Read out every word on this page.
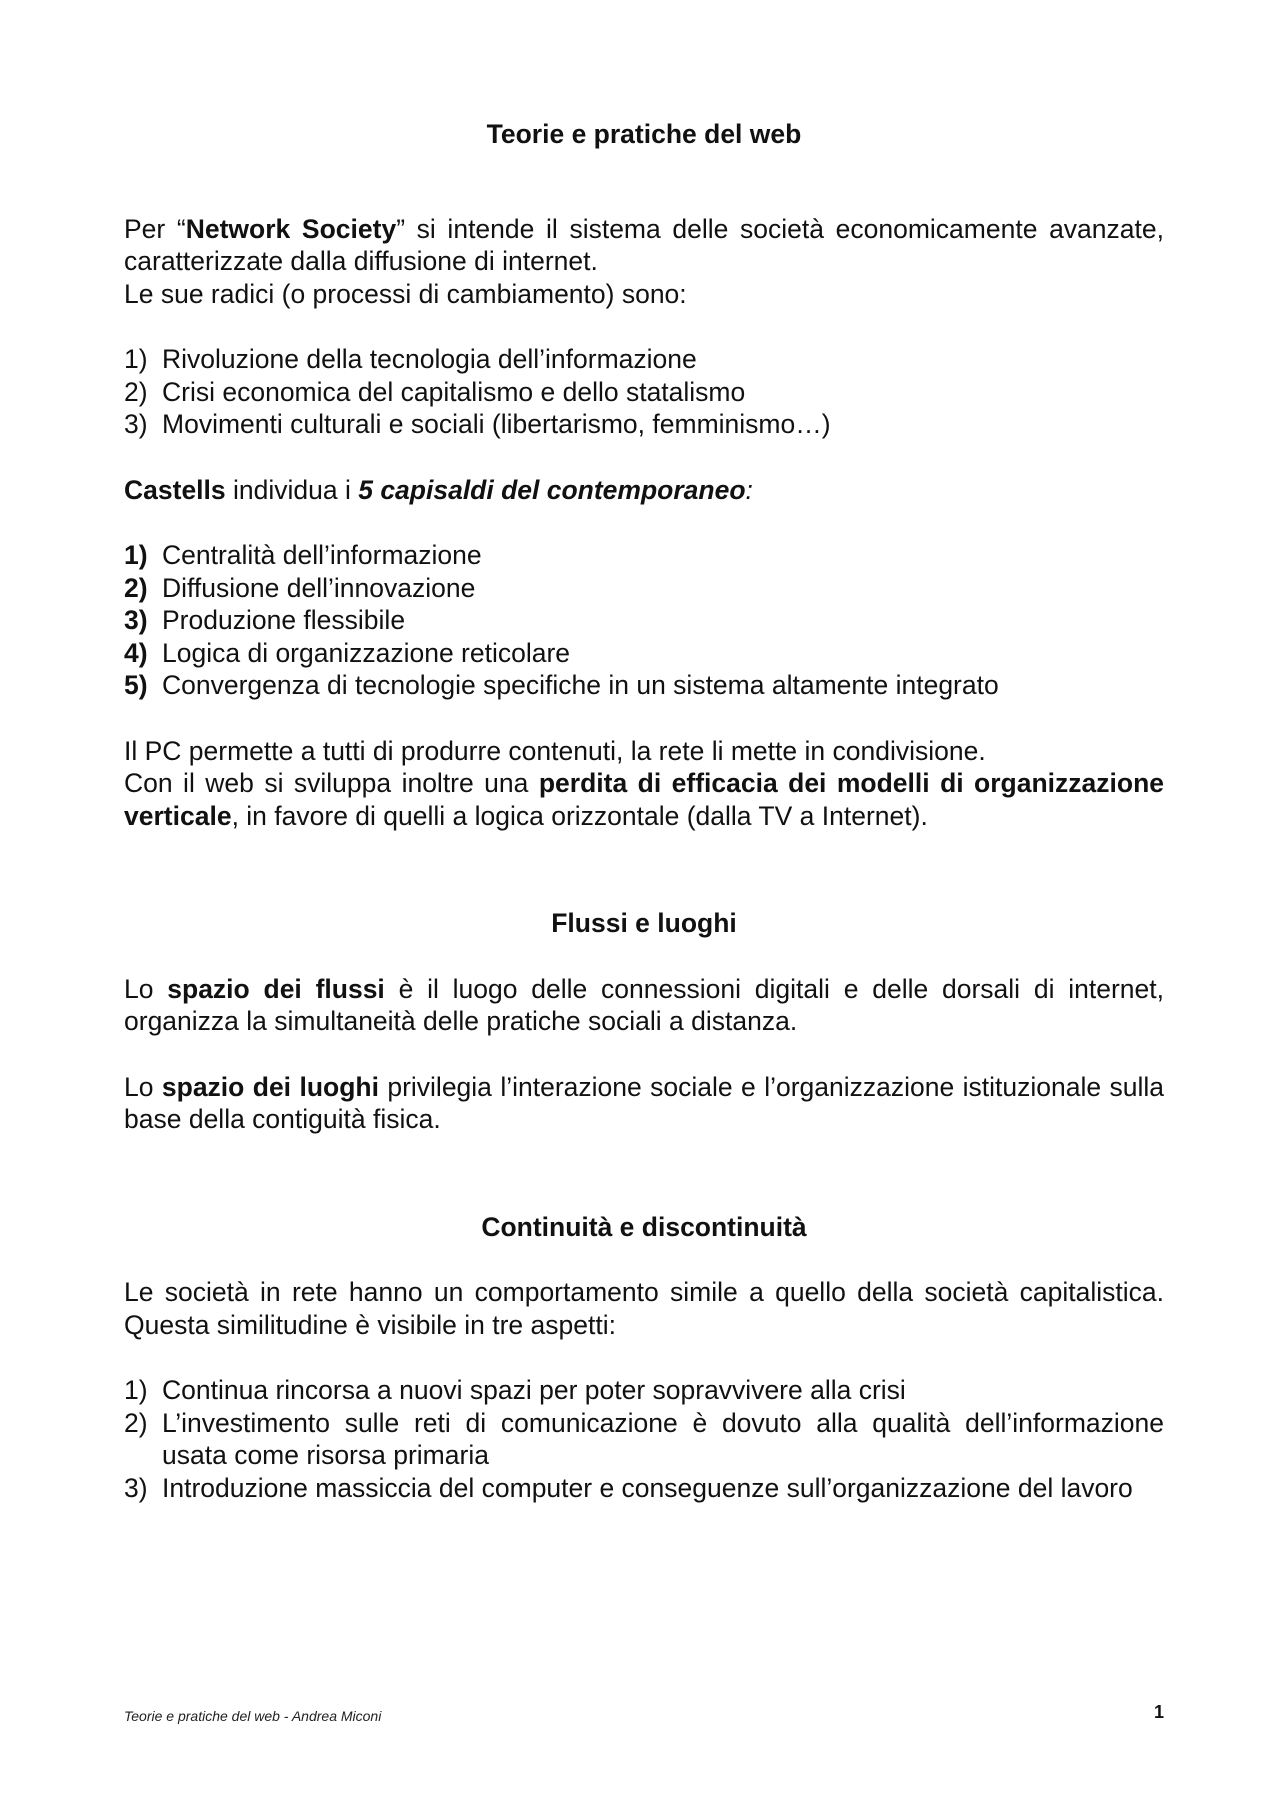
Teorie e pratiche del web

Per “Network Society” si intende il sistema delle società economicamente avanzate, caratterizzate dalla diffusione di internet.

Le sue radici (o processi di cambiamento) sono:

1) Rivoluzione della tecnologia dell’informazione
2) Crisi economica del capitalismo e dello statalismo
3) Movimenti culturali e sociali (libertarismo, femminismo…)

Castells individua i 5 capisaldi del contemporaneo:

1) Centralità dell’informazione
2) Diffusione dell’innovazione
3) Produzione flessibile
4) Logica di organizzazione reticolare
5) Convergenza di tecnologie specifiche in un sistema altamente integrato

Il PC permette a tutti di produrre contenuti, la rete li mette in condivisione.

Con il web si sviluppa inoltre una perdita di efficacia dei modelli di organizzazione verticale, in favore di quelli a logica orizzontale (dalla TV a Internet).

Flussi e luoghi

Lo spazio dei flussi è il luogo delle connessioni digitali e delle dorsali di internet, organizza la simultaneità delle pratiche sociali a distanza.

Lo spazio dei luoghi privilegia l’interazione sociale e l’organizzazione istituzionale sulla base della contiguità fisica.

Continuità e discontinuità

Le società in rete hanno un comportamento simile a quello della società capitalistica. Questa similitudine è visibile in tre aspetti:

1) Continua rincorsa a nuovi spazi per poter sopravvivere alla crisi
2) L’investimento sulle reti di comunicazione è dovuto alla qualità dell’informazione usata come risorsa primaria
3) Introduzione massiccia del computer e conseguenze sull’organizzazione del lavoro
Teorie e pratiche del web - Andrea Miconi	1
